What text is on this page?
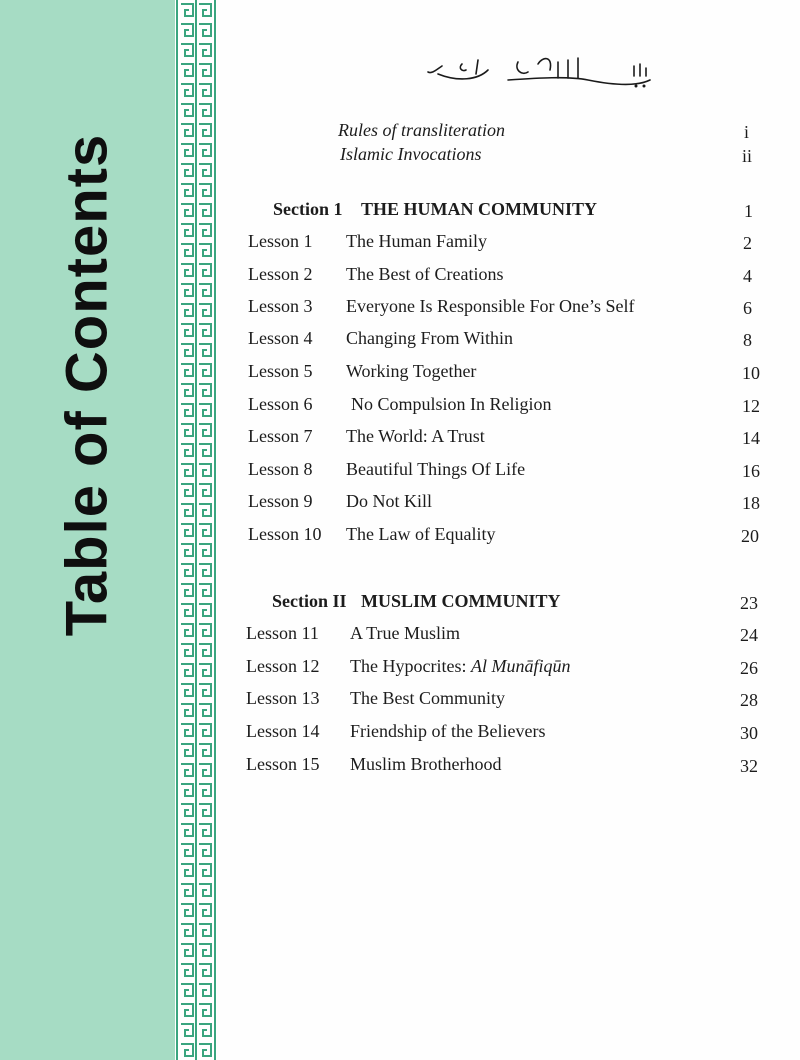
Table of Contents
بسم الله الرحمن الرحيم
Rules of transliteration	i
Islamic Invocations	ii
Section 1 THE HUMAN COMMUNITY	1
Lesson 1 The Human Family	2
Lesson 2 The Best of Creations	4
Lesson 3 Everyone Is Responsible For One’s Self	6
Lesson 4 Changing From Within	8
Lesson 5 Working Together	10
Lesson 6 No Compulsion In Religion	12
Lesson 7 The World: A Trust	14
Lesson 8 Beautiful Things Of Life	16
Lesson 9 Do Not Kill	18
Lesson 10 The Law of Equality	20
Section II MUSLIM COMMUNITY	23
Lesson 11 A True Muslim	24
Lesson 12 The Hypocrites: Al Munāfiqūn	26
Lesson 13 The Best Community	28
Lesson 14 Friendship of the Believers	30
Lesson 15 Muslim Brotherhood	32
